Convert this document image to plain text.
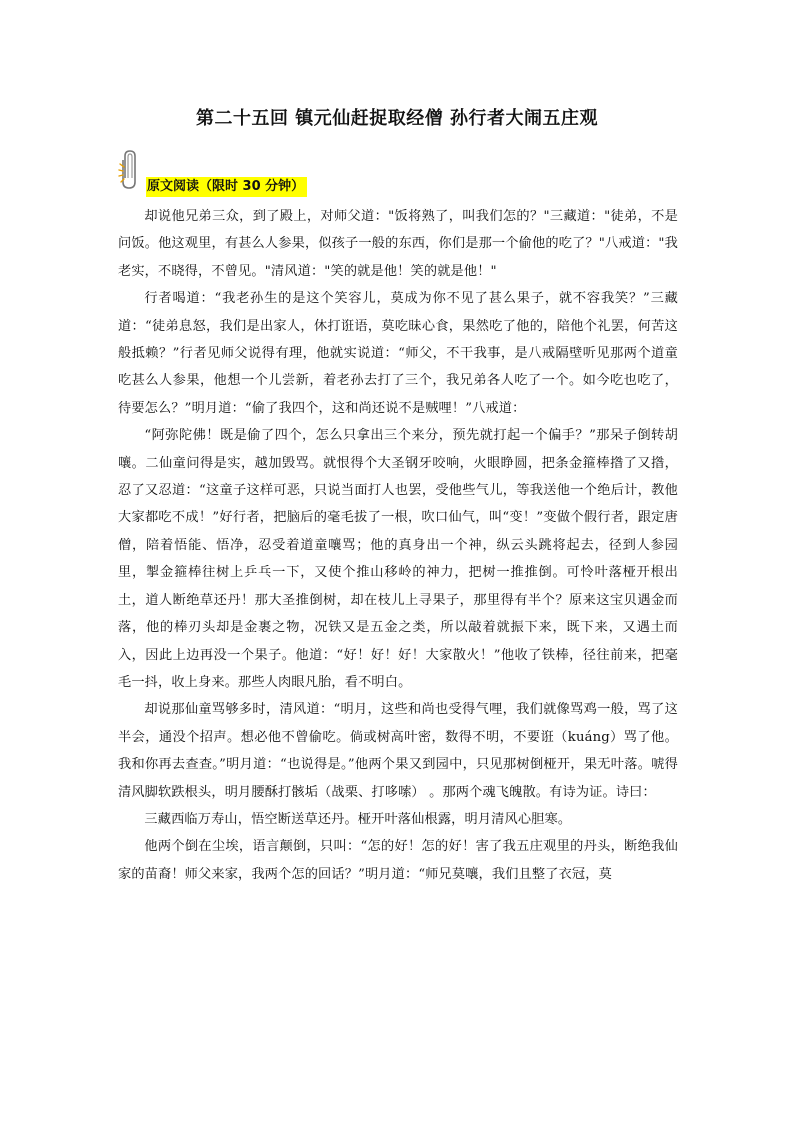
第二十五回 镇元仙赶捉取经僧 孙行者大闹五庄观
原文阅读（限时 30 分钟）

却说他兄弟三众，到了殿上，对师父道："饭将熟了，叫我们怎的？"三藏道："徒弟，不是问饭。他这观里，有甚么人参果，似孩子一般的东西，你们是那一个偷他的吃了？"八戒道："我老实，不晓得，不曾见。"清风道："笑的就是他！笑的就是他！"

行者喝道：“我老孙生的是这个笑容儿，莫成为你不见了甚么果子，就不容我笑？”三藏道：“徒弟息怒，我们是出家人，休打诳语，莫吃昧心食，果然吃了他的，陪他个礼罢，何苦这般抵赖？”行者见师父说得有理，他就实说道：“师父，不干我事，是八戒隔壁听见那两个道童吃甚么人参果，他想一个儿尝新，着老孙去打了三个，我兄弟各人吃了一个。如今吃也吃了，待要怎么？”明月道：“偷了我四个，这和尚还说不是贼哩！”八戒道：

“阿弥陀佛！既是偷了四个，怎么只拿出三个来分，预先就打起一个偏手？”那呆子倒转胡嚷。二仙童问得是实，越加毁骂。就恨得个大圣钢牙咬响，火眼睁圆，把条金箍棒揝了又揝，忍了又忍道：“这童子这样可恶，只说当面打人也罢，受他些气儿，等我送他一个绝后计，教他大家都吃不成！”好行者，把脑后的毫毛拔了一根，吹口仙气，叫“变！”变做个假行者，跟定唐僧，陪着悟能、悟净，忍受着道童嚷骂；他的真身出一个神，纵云头跳将起去，径到人参园里，掣金箍棒往树上乒乓一下，又使个推山移岭的神力，把树一推推倒。可怜叶落桠开根出土，道人断绝草还丹！那大圣推倒树，却在枝儿上寻果子，那里得有半个？原来这宝贝遇金而落，他的棒刃头却是金裹之物，况铁又是五金之类，所以敲着就振下来，既下来，又遇土而入，因此上边再没一个果子。他道：“好！好！好！大家散火！”他收了铁棒，径往前来，把毫毛一抖，收上身来。那些人肉眼凡胎，看不明白。

却说那仙童骂够多时，清风道：“明月，这些和尚也受得气哩，我们就像骂鸡一般，骂了这半会，通没个招声。想必他不曾偷吃。倘或树高叶密，数得不明，不要诳（kuáng）骂了他。我和你再去查查。”明月道：“也说得是。”他两个果又到园中，只见那树倒桠开，果无叶落。唬得清风脚软跌根头，明月腰酥打骸垢（战栗、打哆嗦） 。那两个魂飞魄散。有诗为证。诗曰：

三藏西临万寿山，悟空断送草还丹。桠开叶落仙根露，明月清风心胆寒。

他两个倒在尘埃，语言颠倒，只叫：“怎的好！怎的好！害了我五庄观里的丹头，断绝我仙家的苗裔！师父来家，我两个怎的回话？”明月道：“师兄莫嚷，我们且整了衣冠，莫
